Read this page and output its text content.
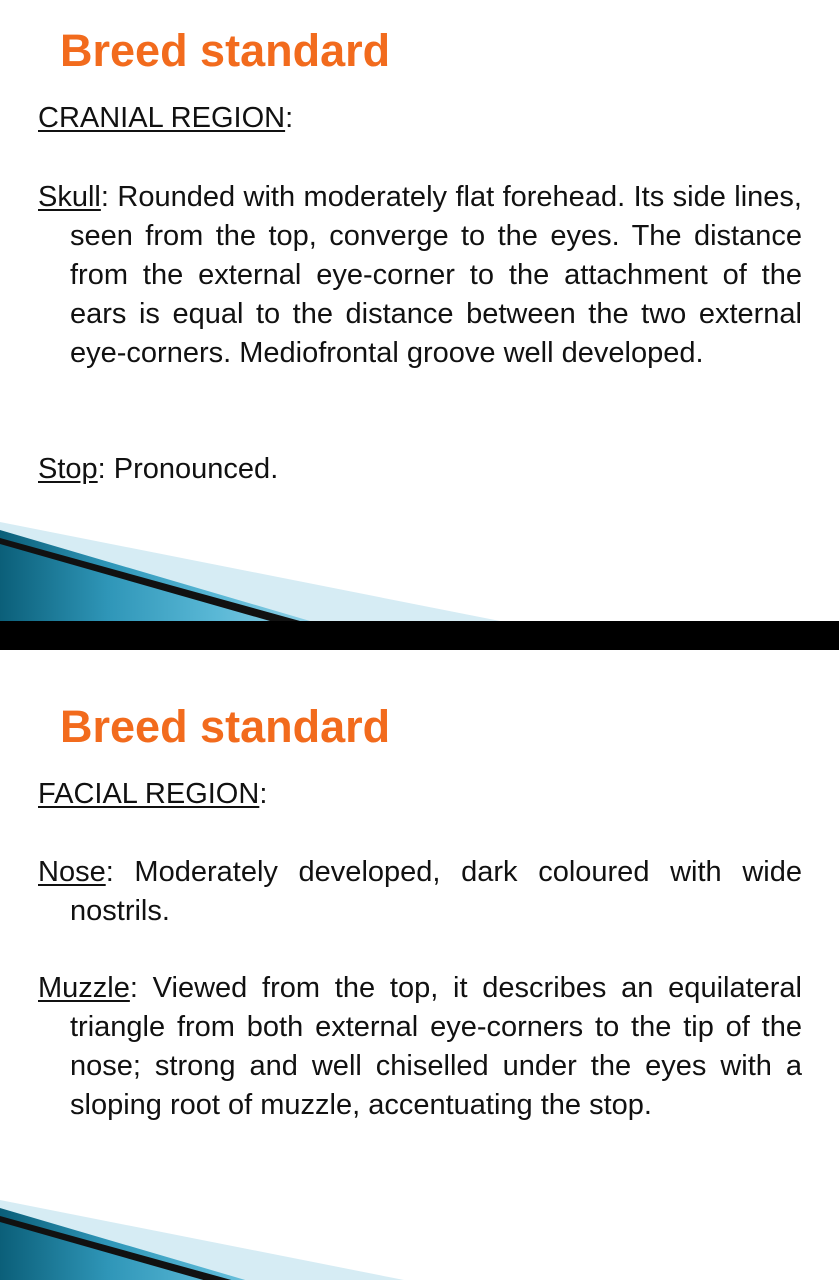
Breed standard

CRANIAL REGION:

Skull: Rounded with moderately flat forehead. Its side lines, seen from the top, converge to the eyes. The distance from the external eye-corner to the attachment of the ears is equal to the distance between the two external eye-corners. Mediofrontal groove well developed.

Stop: Pronounced.

Breed standard

FACIAL REGION:

Nose: Moderately developed, dark coloured with wide nostrils.

Muzzle: Viewed from the top, it describes an equilateral triangle from both external eye-corners to the tip of the nose; strong and well chiselled under the eyes with a sloping root of muzzle, accentuating the stop.
